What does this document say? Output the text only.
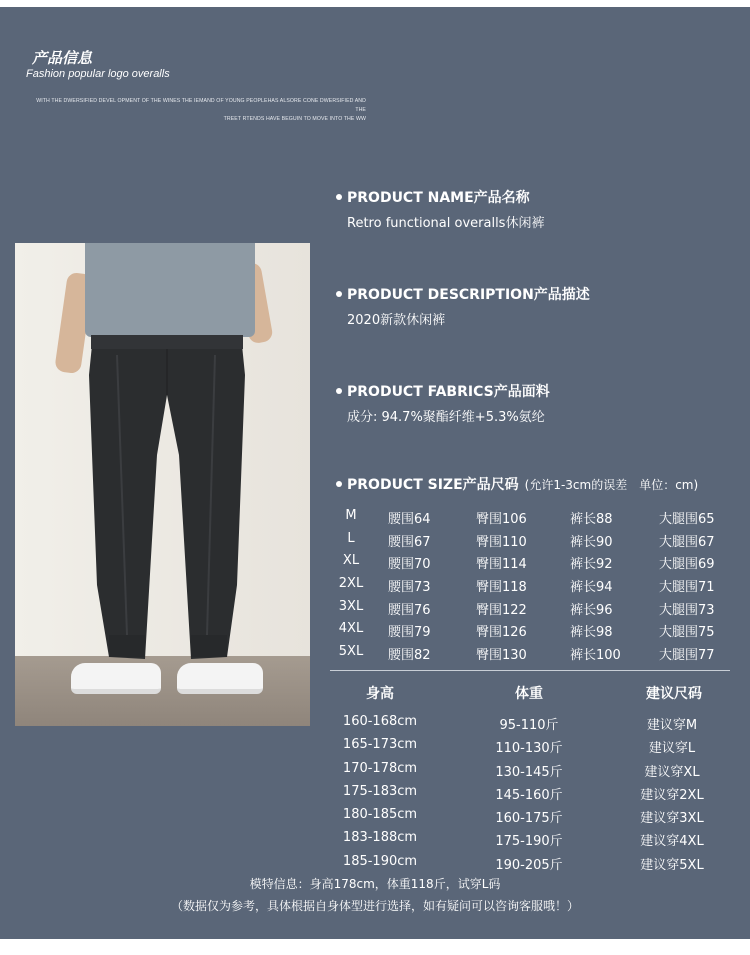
产品信息
Fashion popular logo overalls
WITH THE DWERSIFIED DEVEL OPMENT OF THE WINES THE IEMAND OF YOUNG PEOPLEHAS ALSORE CONE DWERSIFIED AND THE
TREET RTENDS HAVE BEGUIN TO MOVE INTO THE WW
PRODUCT NAME产品名称
Retro functional overalls休闲裤
PRODUCT DESCRIPTION产品描述
2020新款休闲裤
PRODUCT FABRICS产品面料
成分: 94.7%聚酯纤维+5.3%氨纶
PRODUCT SIZE产品尺码 (允许1-3cm的误差　单位：cm)
M	腰围64	臀围106	裤长88	大腿围65
L	腰围67	臀围110	裤长90	大腿围67
XL	腰围70	臀围114	裤长92	大腿围69
2XL	腰围73	臀围118	裤长94	大腿围71
3XL	腰围76	臀围122	裤长96	大腿围73
4XL	腰围79	臀围126	裤长98	大腿围75
5XL	腰围82	臀围130	裤长100	大腿围77
身高	体重	建议尺码
160-168cm	95-110斤	建议穿M
165-173cm	110-130斤	建议穿L
170-178cm	130-145斤	建议穿XL
175-183cm	145-160斤	建议穿2XL
180-185cm	160-175斤	建议穿3XL
183-188cm	175-190斤	建议穿4XL
185-190cm	190-205斤	建议穿5XL
模特信息：身高178cm，体重118斤，试穿L码
（数据仅为参考，具体根据自身体型进行选择，如有疑问可以咨询客服哦！）
